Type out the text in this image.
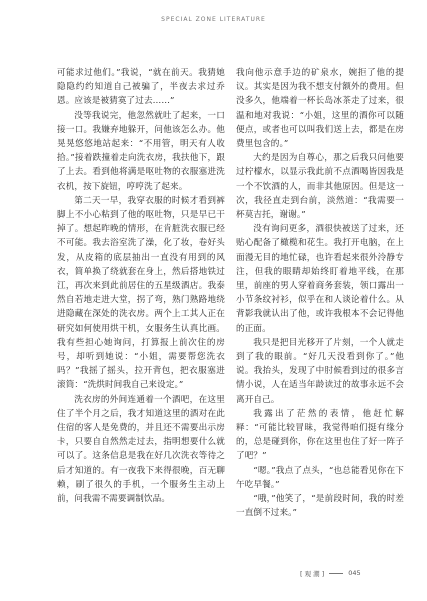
SPECIAL ZONE LITERATURE

可能求过他们。”我说，“就在前天。我猜她隐隐约约知道自己被骗了，半夜去求过乔恩。应该是被猜寞了过去……”

没等我说完，他忽然就吐了起来，一口接一口。我嫌弃地躲开，问他该怎么办。他晃晃悠悠地站起来：“不用管，明天有人收拾。”接着跌撞着走向洗衣房，我扶他下，跟了上去。看到他将满是呕吐物的衣服塞进洗衣机，按下旋钮，哼哼洗了起来。

第二天一早，我穿衣服的时候才看到裤脚上不小心粘到了他的呕吐物，只是早已干掉了。想起昨晚的情形，在肯脏洗衣服已经不可能。我去浴室洗了澡，化了妆，卷好头发，从皮箱的底层抽出一直没有用到的风衣，简单换了绕就套在身上，然后搭地铁过江，再次来到此前居住的五星级酒店。我泰然自若地走进大堂，拐了弯，熟门熟路地绕进隐藏在深处的洗衣房。两个上工其人正在研究如何使用烘干机，女服务生认真比画。我有些担心她询问，打算报上前次住的房号，却听到她说：“小姐，需要帮您洗衣吗？”我摇了摇头，拉开背包，把衣服塞进滚筒：“洗烘时间我自己来设定。”

洗衣房的外间连通着一个酒吧，在这里住了半个月之后，我才知道这里的酒对在此住宿的客人是免费的，并且还不需要出示房卡，只要自自然然走过去，指明想要什么就可以了。这条信息是我在好几次洗衣等待之后才知道的。有一夜我下来得很晚，百无聊赖，刷了很久的手机，一个服务生主动上前，问我需不需要调制饮品。

我向他示意手边的矿泉水，婉拒了他的提议。其实是因为我不想支付额外的费用。但没多久，他端着一杯长岛冰茶走了过来，很温和地对我说：“小姐，这里的酒你可以随便点，或者也可以叫我们送上去，都是在房费里包含的。”

大约是因为自尊心，那之后我只问他要过柠檬水，以显示我此前不点酒喝皆因我是一个不饮酒的人，而非其他原因。但是这一次，我径直走到台前，淡然道：“我需要一杯莫吉托，谢谢。”

没有询问更多，酒很快被送了过来，还贴心配备了橄榄和花生。我打开电脑，在上面漫无目的地忙碌，也许看起来很外泠静专注，但我的眼睛却始终盯着地平线，在那里，前座的男人穿着商务套装，领口露出一小节条纹衬衫，似乎在和人谈论着什么。从背影我就认出了他，或许我根本不会记得他的正面。

我只是把目光移开了片刻，一个人就走到了我的眼前。“好几天没看到你了。”他说。我抬头，发现了中肘候看到过的很多言情小说，人在适当年龄读过的故事永远不会离开自己。

我露出了茫然的表情，他赶忙解释：“可能比较冒昧，我觉得咱们挺有缘分的，总是碰到你，你在这里也住了好一阵子了吧？”

“嗯。”我点了点头，“也总能看见你在下午吃早餐。”

“哦，”他笑了，“是前段时间，我的时差一直倒不过来。”

[ 观 潮 ]	045
